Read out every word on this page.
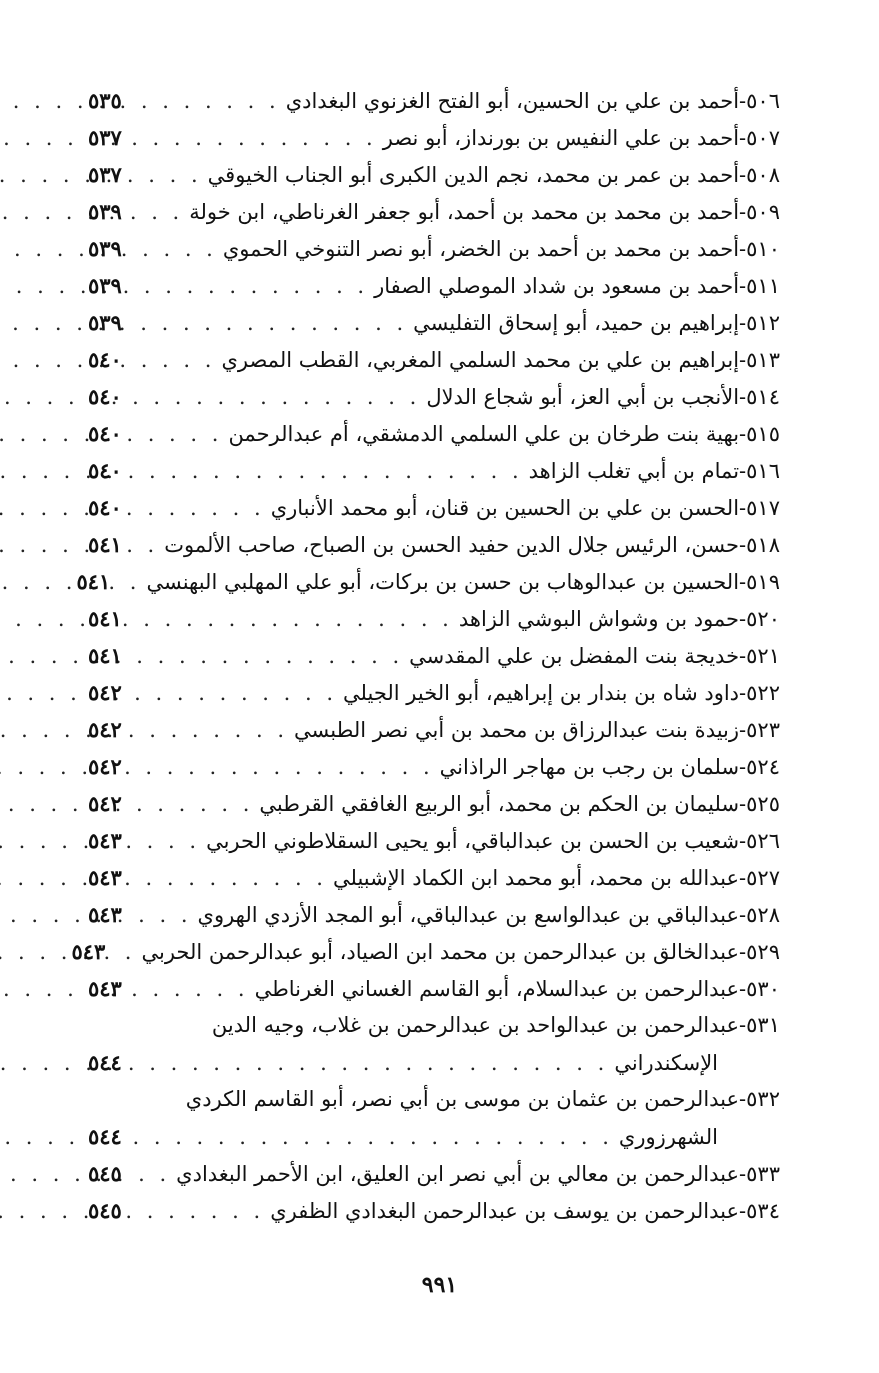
٥٠٦
-
أحمد بن علي بن الحسين، أبو الفتح الغزنوي البغدادي
. . .
٥٣٥
٥٠٧
-
أحمد بن علي النفيس بن بورنداز، أبو نصر
. . .
٥٣٧
٥٠٨
-
أحمد بن عمر بن محمد، نجم الدين الكبرى أبو الجناب الخيوقي
. . .
٥٣٧
٥٠٩
-
أحمد بن محمد بن محمد بن أحمد، أبو جعفر الغرناطي، ابن خولة
. . .
٥٣٩
٥١٠
-
أحمد بن محمد بن أحمد بن الخضر، أبو نصر التنوخي الحموي
. . .
٥٣٩
٥١١
-
أحمد بن مسعود بن شداد الموصلي الصفار
. . .
٥٣٩
٥١٢
-
إبراهيم بن حميد، أبو إسحاق التفليسي
. . .
٥٣٩
٥١٣
-
إبراهيم بن علي بن محمد السلمي المغربي، القطب المصري
. . .
٥٤٠
٥١٤
-
الأنجب بن أبي العز، أبو شجاع الدلال
. . .
٥٤٠
٥١٥
-
بهية بنت طرخان بن علي السلمي الدمشقي، أم عبدالرحمن
. . .
٥٤٠
٥١٦
-
تمام بن أبي تغلب الزاهد
. . .
٥٤٠
٥١٧
-
الحسن بن علي بن الحسين بن قنان، أبو محمد الأنباري
. . .
٥٤٠
٥١٨
-
حسن، الرئيس جلال الدين حفيد الحسن بن الصباح، صاحب الألموت
. . .
٥٤١
٥١٩
-
الحسين بن عبدالوهاب بن حسن بن بركات، أبو علي المهلبي البهنسي
. . .
٥٤١
٥٢٠
-
حمود بن وشواش البوشي الزاهد
. . .
٥٤١
٥٢١
-
خديجة بنت المفضل بن علي المقدسي
. . .
٥٤١
٥٢٢
-
داود شاه بن بندار بن إبراهيم، أبو الخير الجيلي
. . .
٥٤٢
٥٢٣
-
زبيدة بنت عبدالرزاق بن محمد بن أبي نصر الطبسي
. . .
٥٤٢
٥٢٤
-
سلمان بن رجب بن مهاجر الراذاني
. . .
٥٤٢
٥٢٥
-
سليمان بن الحكم بن محمد، أبو الربيع الغافقي القرطبي
. . .
٥٤٢
٥٢٦
-
شعيب بن الحسن بن عبدالباقي، أبو يحيى السقلاطوني الحربي
. . .
٥٤٣
٥٢٧
-
عبدالله بن محمد، أبو محمد ابن الكماد الإشبيلي
. . .
٥٤٣
٥٢٨
-
عبدالباقي بن عبدالواسع بن عبدالباقي، أبو المجد الأزدي الهروي
. . .
٥٤٣
٥٢٩
-
عبدالخالق بن عبدالرحمن بن محمد ابن الصياد، أبو عبدالرحمن الحربي
. . .
٥٤٣
٥٣٠
-
عبدالرحمن بن عبدالسلام، أبو القاسم الغساني الغرناطي
. . .
٥٤٣
٥٣١
-
عبدالرحمن بن عبدالواحد بن عبدالرحمن بن غلاب، وجيه الدين
الإسكندراني
. . .
٥٤٤
٥٣٢
-
عبدالرحمن بن عثمان بن موسى بن أبي نصر، أبو القاسم الكردي
الشهرزوري
. . .
٥٤٤
٥٣٣
-
عبدالرحمن بن معالي بن أبي نصر ابن العليق، ابن الأحمر البغدادي
. . .
٥٤٥
٥٣٤
-
عبدالرحمن بن يوسف بن عبدالرحمن البغدادي الظفري
. . .
٥٤٥
٩٩١
